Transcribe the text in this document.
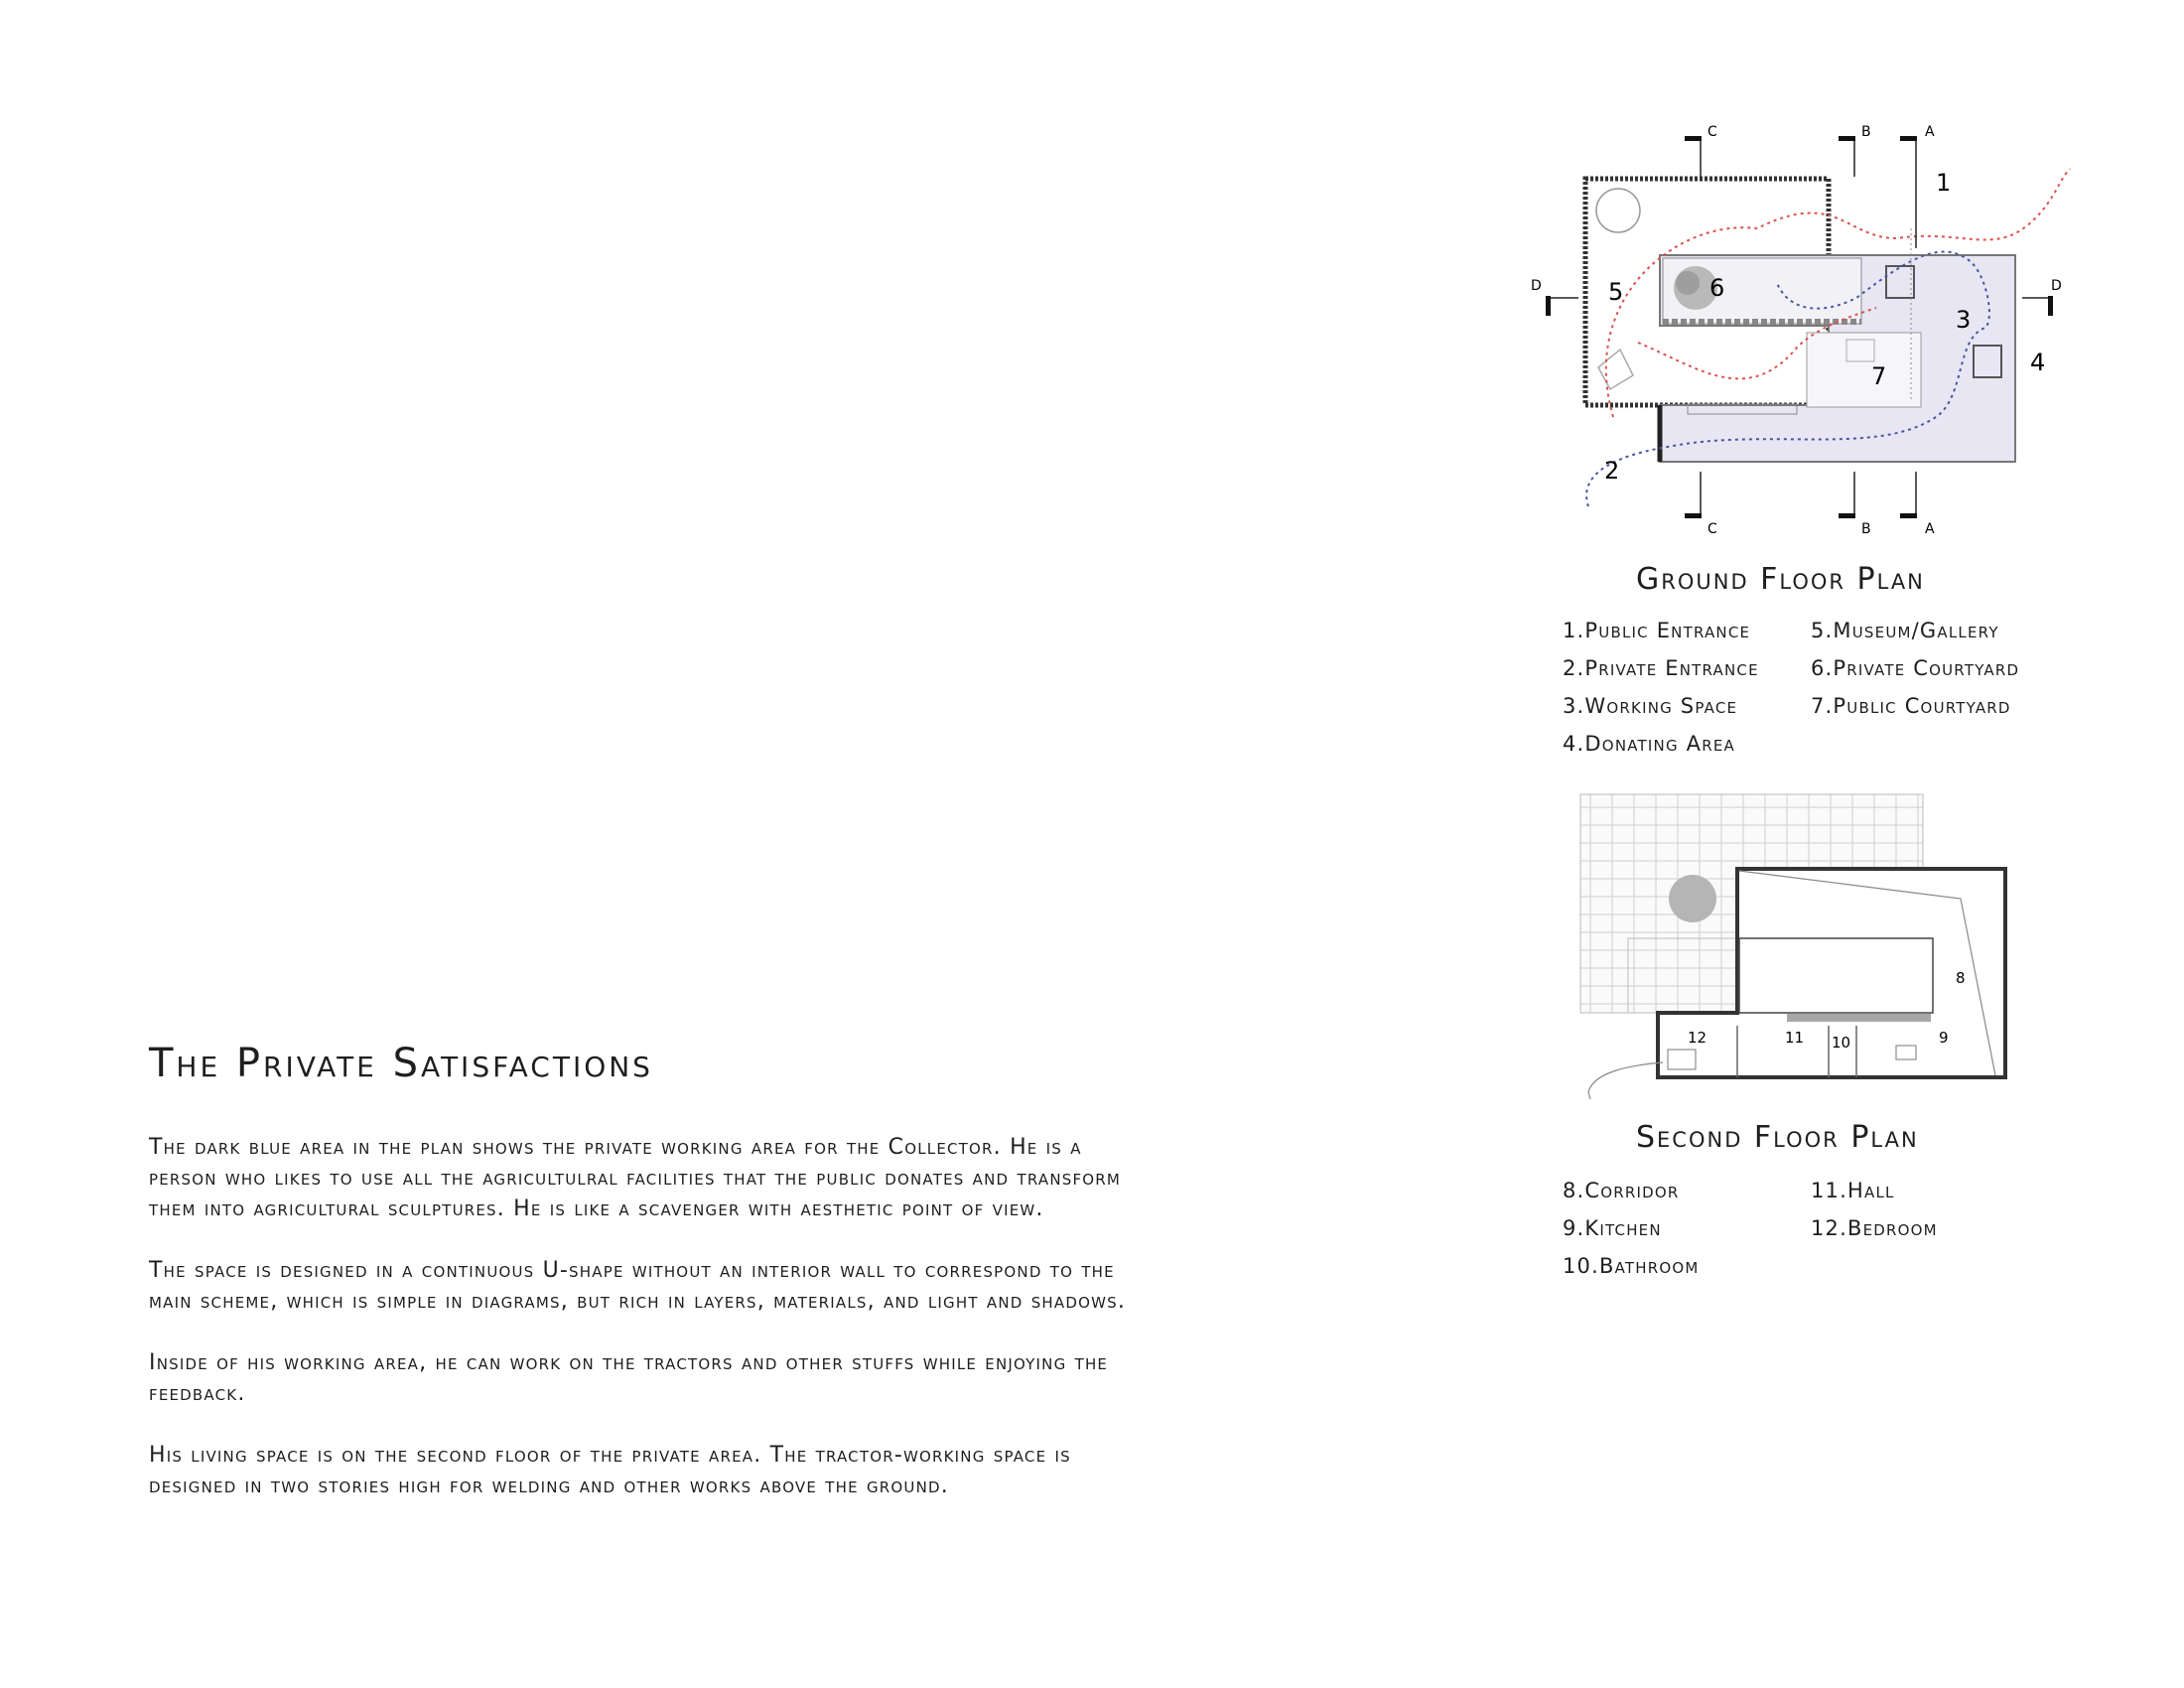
The Private Satisfactions

The dark blue area in the plan shows the private working area for the Collector. He is a person who likes to use all the agricultulral facilities that the public donates and transform them into agricultural sculptures. He is like a scavenger with aesthetic point of view.

The space is designed in a continuous U-shape without an interior wall to correspond to the main scheme, which is simple in diagrams, but rich in layers, materials, and light and shadows.

Inside of his working area, he can work on the tractors and other stuffs while enjoying the feedback.

His living space is on the second floor of the private area. The tractor-working space is designed in two stories high for welding and other works above the ground.

C	B	A
C	B	A
D	D
1
2
3
4
5	6
7
Ground Floor Plan
1.Public Entrance
2.Private Entrance
3.Working Space
4.Donating Area
5.Museum/Gallery
6.Private Courtyard
7.Public Courtyard
8
9
10
11
12
Second Floor Plan
8.Corridor
9.Kitchen
10.Bathroom
11.Hall
12.Bedroom
